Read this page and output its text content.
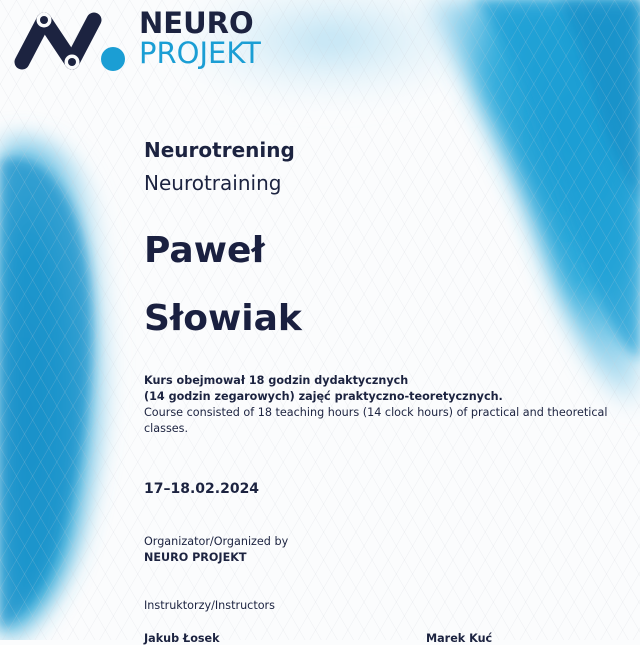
NEURO
PROJEKT
Neurotrening
Neurotraining
Paweł
Słowiak
Kurs obejmował 18 godzin dydaktycznych
(14 godzin zegarowych) zajęć praktyczno-teoretycznych.
Course consisted of 18 teaching hours (14 clock hours) of practical and theoretical
classes.
17–18.02.2024
Organizator/Organized by
NEURO PROJEKT
Instruktorzy/Instructors
Jakub Łosek	Marek Kuć
